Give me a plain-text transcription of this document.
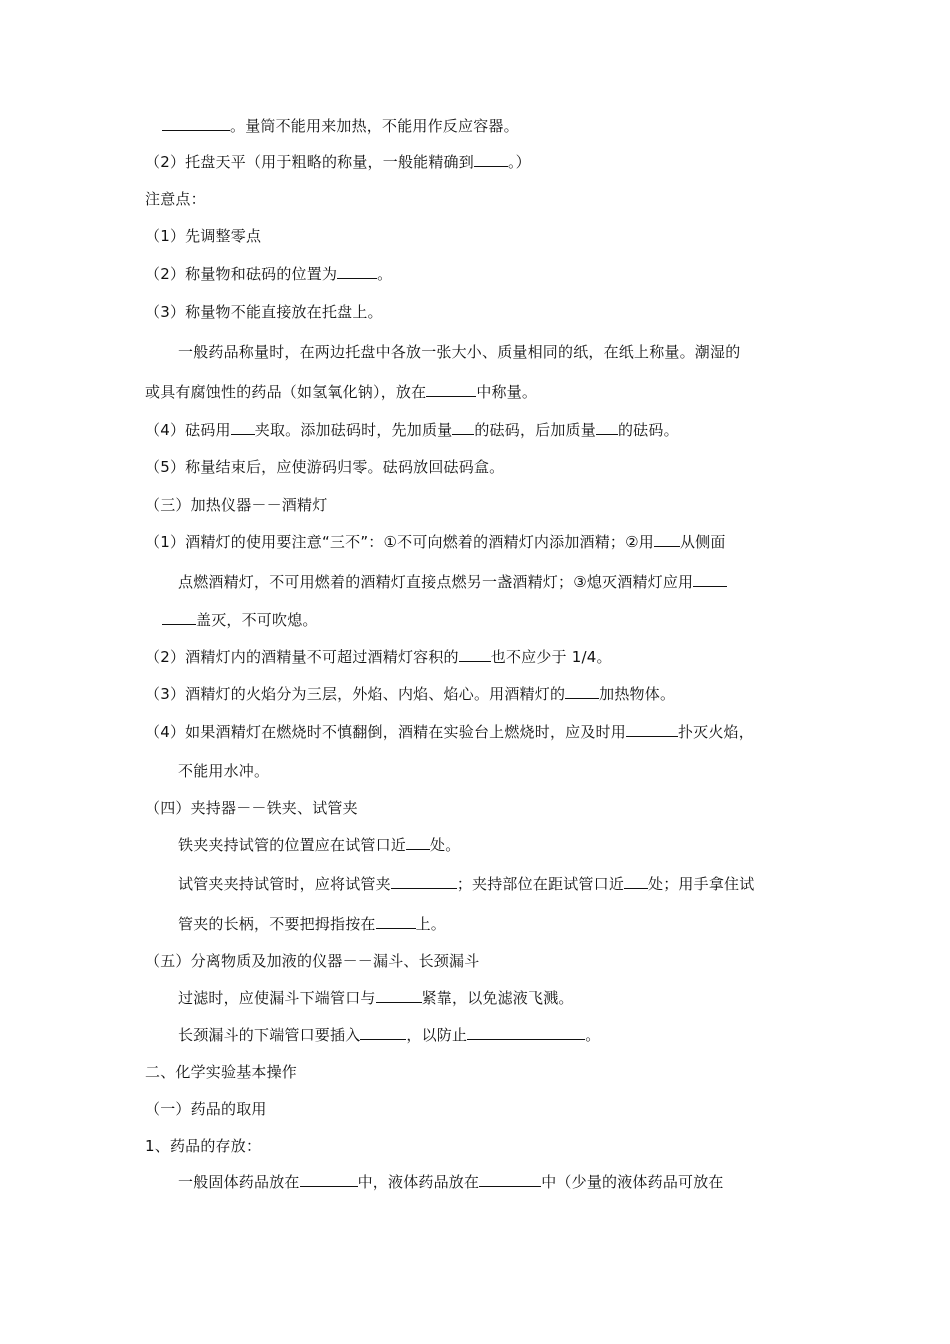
。量筒不能用来加热，不能用作反应容器。
（2）托盘天平（用于粗略的称量，一般能精确到 。）
注意点：
（1）先调整零点
（2）称量物和砝码的位置为	。
（3）称量物不能直接放在托盘上。
一般药品称量时，在两边托盘中各放一张大小、质量相同的纸，在纸上称量。潮湿的
或具有腐蚀性的药品（如氢氧化钠），放在	中称量。
（4）砝码用 夹取。添加砝码时，先加质量 的砝码，后加质量 的砝码。
（5）称量结束后，应使游码归零。砝码放回砝码盒。
（三）加热仪器－－酒精灯
（1）酒精灯的使用要注意“三不”：①不可向燃着的酒精灯内添加酒精；②用 从侧面
点燃酒精灯，不可用燃着的酒精灯直接点燃另一盏酒精灯；③熄灭酒精灯应用
盖灭，不可吹熄。
（2）酒精灯内的酒精量不可超过酒精灯容积的 也不应少于 1/4。
（3）酒精灯的火焰分为三层，外焰、内焰、焰心。用酒精灯的 加热物体。
（4）如果酒精灯在燃烧时不慎翻倒，酒精在实验台上燃烧时，应及时用	扑灭火焰，
不能用水冲。
（四）夹持器－－铁夹、试管夹
铁夹夹持试管的位置应在试管口近 处。
试管夹夹持试管时，应将试管夹	；夹持部位在距试管口近 处；用手拿住试
管夹的长柄，不要把拇指按在	上。
（五）分离物质及加液的仪器－－漏斗、长颈漏斗
过滤时，应使漏斗下端管口与	紧靠，以免滤液飞溅。
长颈漏斗的下端管口要插入	，以防止	。
二、化学实验基本操作
（一）药品的取用
1、药品的存放：
一般固体药品放在	中，液体药品放在	中（少量的液体药品可放在
